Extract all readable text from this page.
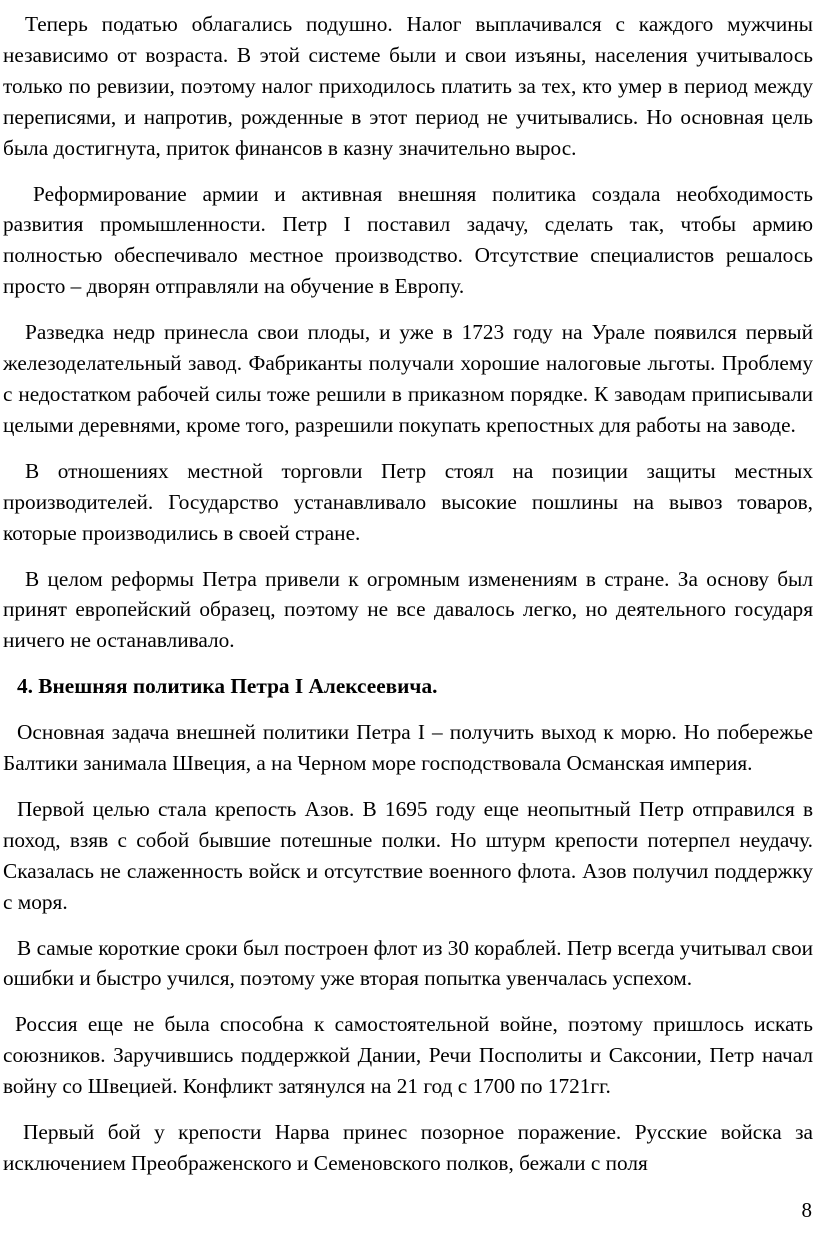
Теперь податью облагались подушно. Налог выплачивался с каждого мужчины независимо от возраста. В этой системе были и свои изъяны, населения учитывалось только по ревизии, поэтому налог приходилось платить за тех, кто умер в период между переписями, и напротив, рожденные в этот период не учитывались. Но основная цель была достигнута, приток финансов в казну значительно вырос.

Реформирование армии и активная внешняя политика создала необходимость развития промышленности. Петр I поставил задачу, сделать так, чтобы армию полностью обеспечивало местное производство. Отсутствие специалистов решалось просто – дворян отправляли на обучение в Европу.

Разведка недр принесла свои плоды, и уже в 1723 году на Урале появился первый железоделательный завод. Фабриканты получали хорошие налоговые льготы. Проблему с недостатком рабочей силы тоже решили в приказном порядке. К заводам приписывали целыми деревнями, кроме того, разрешили покупать крепостных для работы на заводе.

В отношениях местной торговли Петр стоял на позиции защиты местных производителей. Государство устанавливало высокие пошлины на вывоз товаров, которые производились в своей стране.

В целом реформы Петра привели к огромным изменениям в стране. За основу был принят европейский образец, поэтому не все давалось легко, но деятельного государя ничего не останавливало.

4. Внешняя политика Петра I Алексеевича.

Основная задача внешней политики Петра I – получить выход к морю. Но побережье Балтики занимала Швеция, а на Черном море господствовала Османская империя.

Первой целью стала крепость Азов. В 1695 году еще неопытный Петр отправился в поход, взяв с собой бывшие потешные полки. Но штурм крепости потерпел неудачу. Сказалась не слаженность войск и отсутствие военного флота. Азов получил поддержку с моря.

В самые короткие сроки был построен флот из 30 кораблей. Петр всегда учитывал свои ошибки и быстро учился, поэтому уже вторая попытка увенчалась успехом.

Россия еще не была способна к самостоятельной войне, поэтому пришлось искать союзников. Заручившись поддержкой Дании, Речи Посполиты и Саксонии, Петр начал войну со Швецией. Конфликт затянулся на 21 год с 1700 по 1721гг.

Первый бой у крепости Нарва принес позорное поражение. Русские войска за исключением Преображенского и Семеновского полков, бежали с поля

8
